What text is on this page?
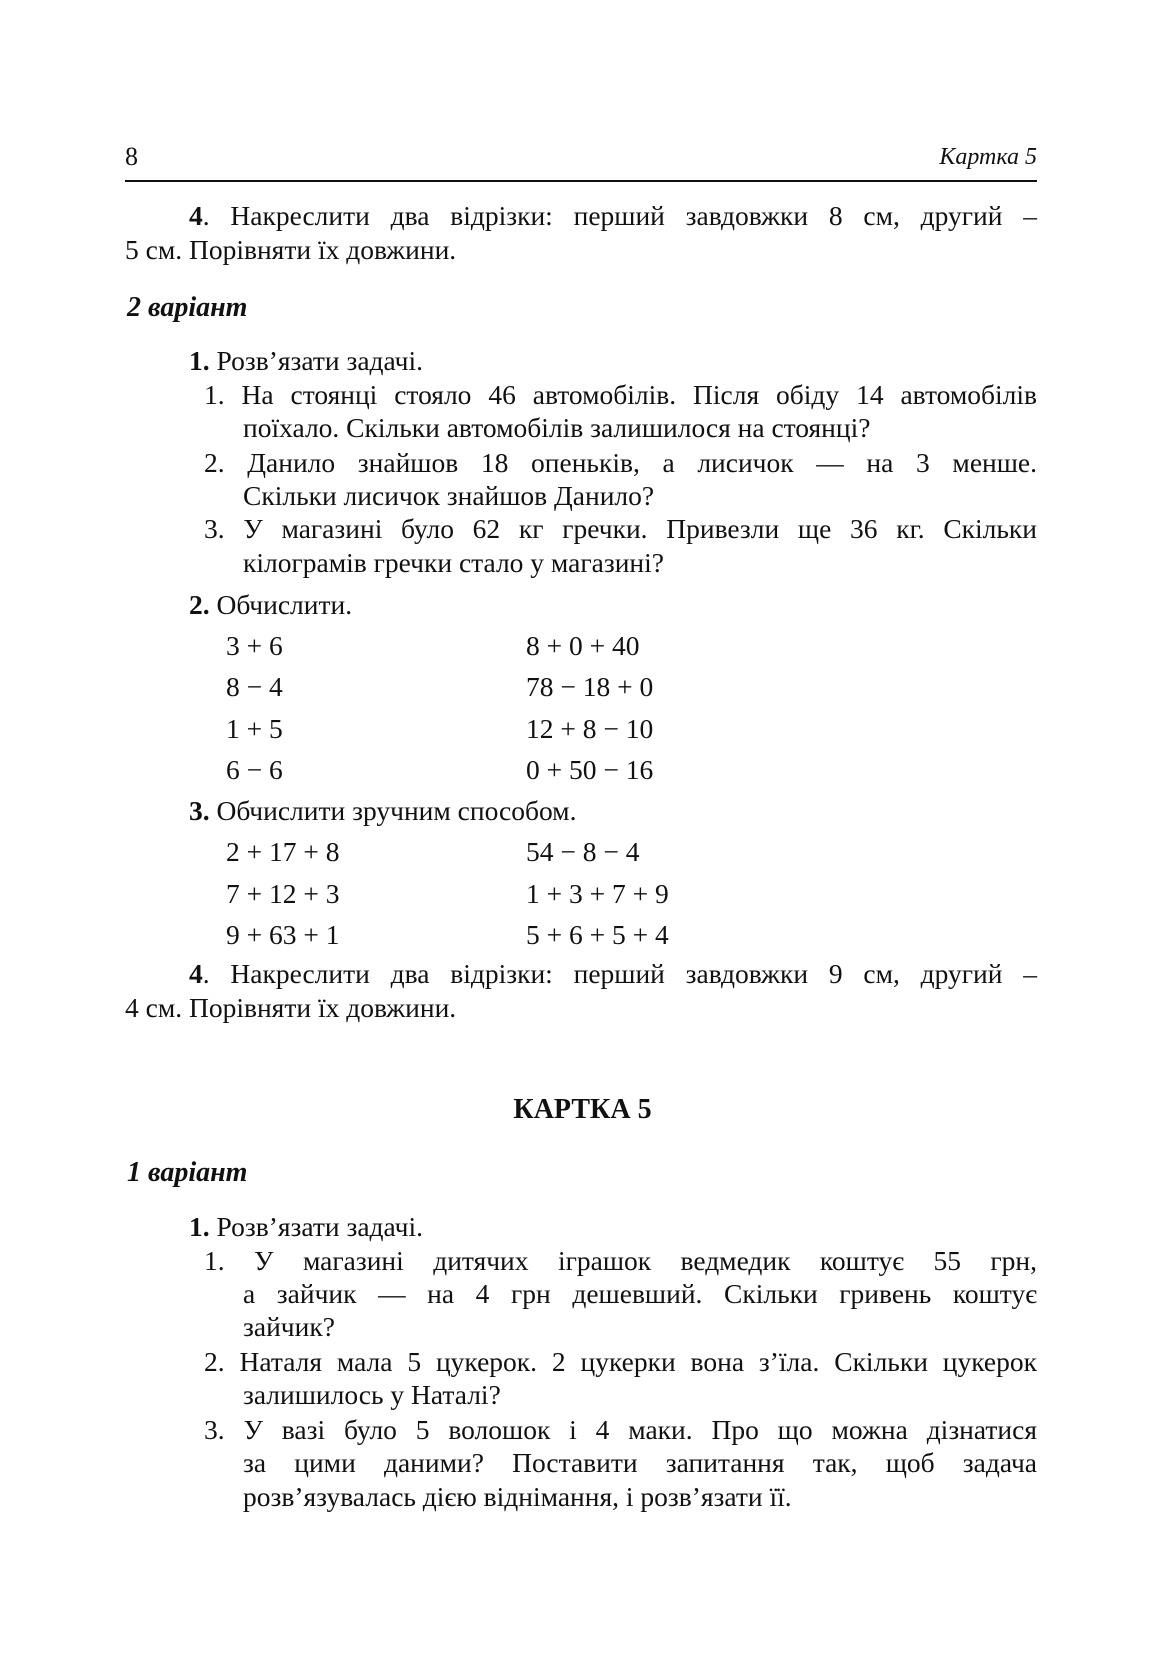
8	Картка 5
4. Накреслити два відрізки: перший завдовжки 8 см, другий –
5 см. Порівняти їх довжини.
2 варіант
1. Розв’язати задачі.
1. На стоянці стояло 46 автомобілів. Після обіду 14 автомобілів
поїхало. Скільки автомобілів залишилося на стоянці?
2. Данило знайшов 18 опеньків, а лисичок — на 3 менше.
Скільки лисичок знайшов Данило?
3. У магазині було 62 кг гречки. Привезли ще 36 кг. Скільки
кілограмів гречки стало у магазині?
2. Обчислити.
3 + 6	8 + 0 + 40
8 − 4	78 − 18 + 0
1 + 5	12 + 8 − 10
6 − 6	0 + 50 − 16
3. Обчислити зручним способом.
2 + 17 + 8	54 − 8 − 4
7 + 12 + 3	1 + 3 + 7 + 9
9 + 63 + 1	5 + 6 + 5 + 4
4. Накреслити два відрізки: перший завдовжки 9 см, другий –
4 см. Порівняти їх довжини.
КАРТКА 5
1 варіант
1. Розв’язати задачі.
1. У магазині дитячих іграшок ведмедик коштує 55 грн,
а зайчик — на 4 грн дешевший. Скільки гривень коштує
зайчик?
2. Наталя мала 5 цукерок. 2 цукерки вона з’їла. Скільки цукерок
залишилось у Наталі?
3. У вазі було 5 волошок і 4 маки. Про що можна дізнатися
за цими даними? Поставити запитання так, щоб задача
розв’язувалась дією віднімання, і розв’язати її.
